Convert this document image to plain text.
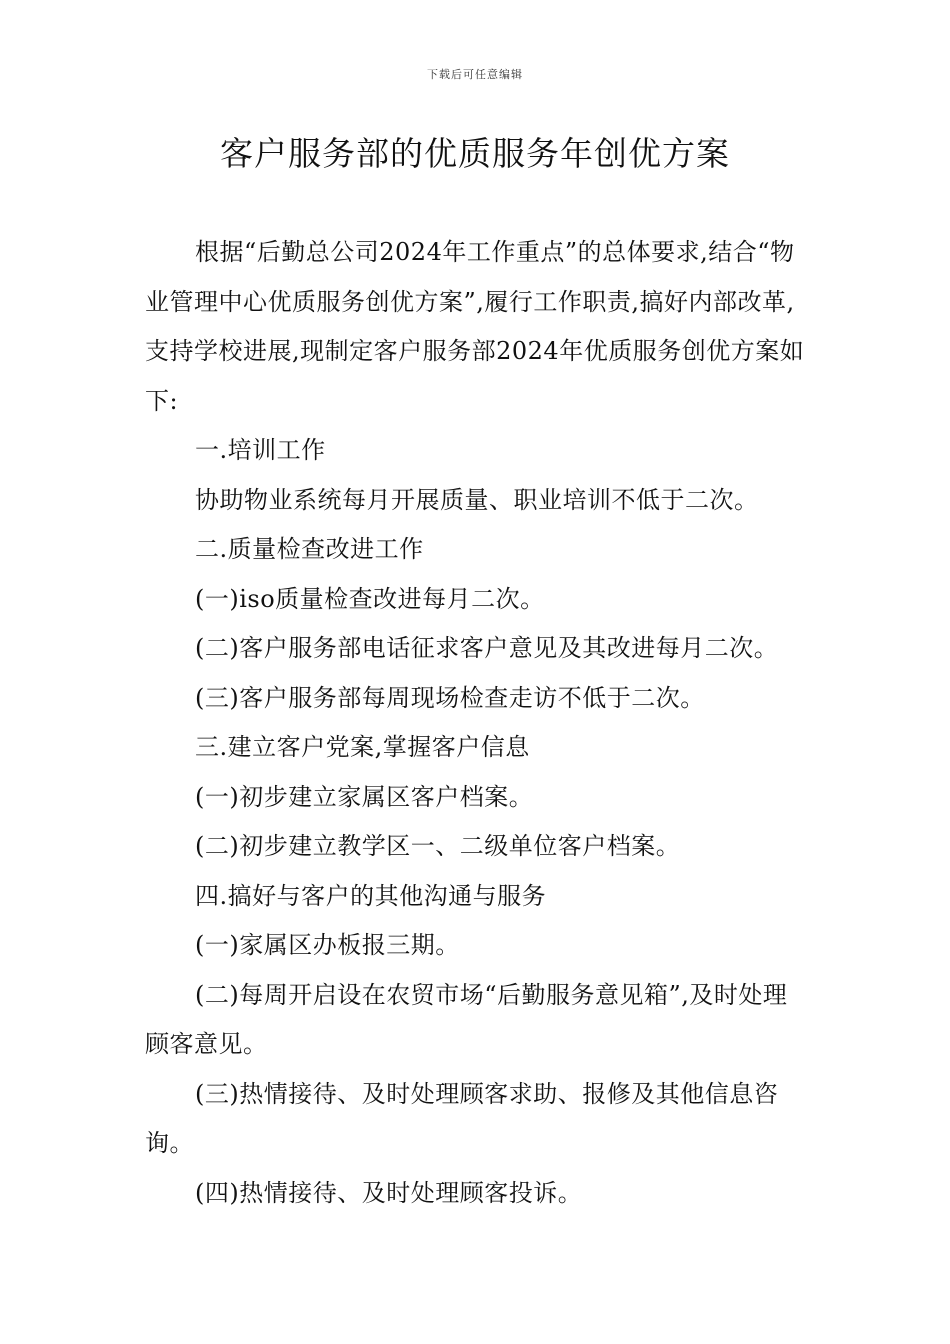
下载后可任意编辑
客户服务部的优质服务年创优方案

根据“后勤总公司2024年工作重点”的总体要求,结合“物业管理中心优质服务创优方案”,履行工作职责,搞好内部改革,支持学校进展,现制定客户服务部2024年优质服务创优方案如下:

一.培训工作

协助物业系统每月开展质量、职业培训不低于二次。

二.质量检查改进工作

(一)iso质量检查改进每月二次。

(二)客户服务部电话征求客户意见及其改进每月二次。

(三)客户服务部每周现场检查走访不低于二次。

三.建立客户党案,掌握客户信息

(一)初步建立家属区客户档案。

(二)初步建立教学区一、二级单位客户档案。

四.搞好与客户的其他沟通与服务

(一)家属区办板报三期。

(二)每周开启设在农贸市场“后勤服务意见箱”,及时处理顾客意见。

(三)热情接待、及时处理顾客求助、报修及其他信息咨询。

(四)热情接待、及时处理顾客投诉。
